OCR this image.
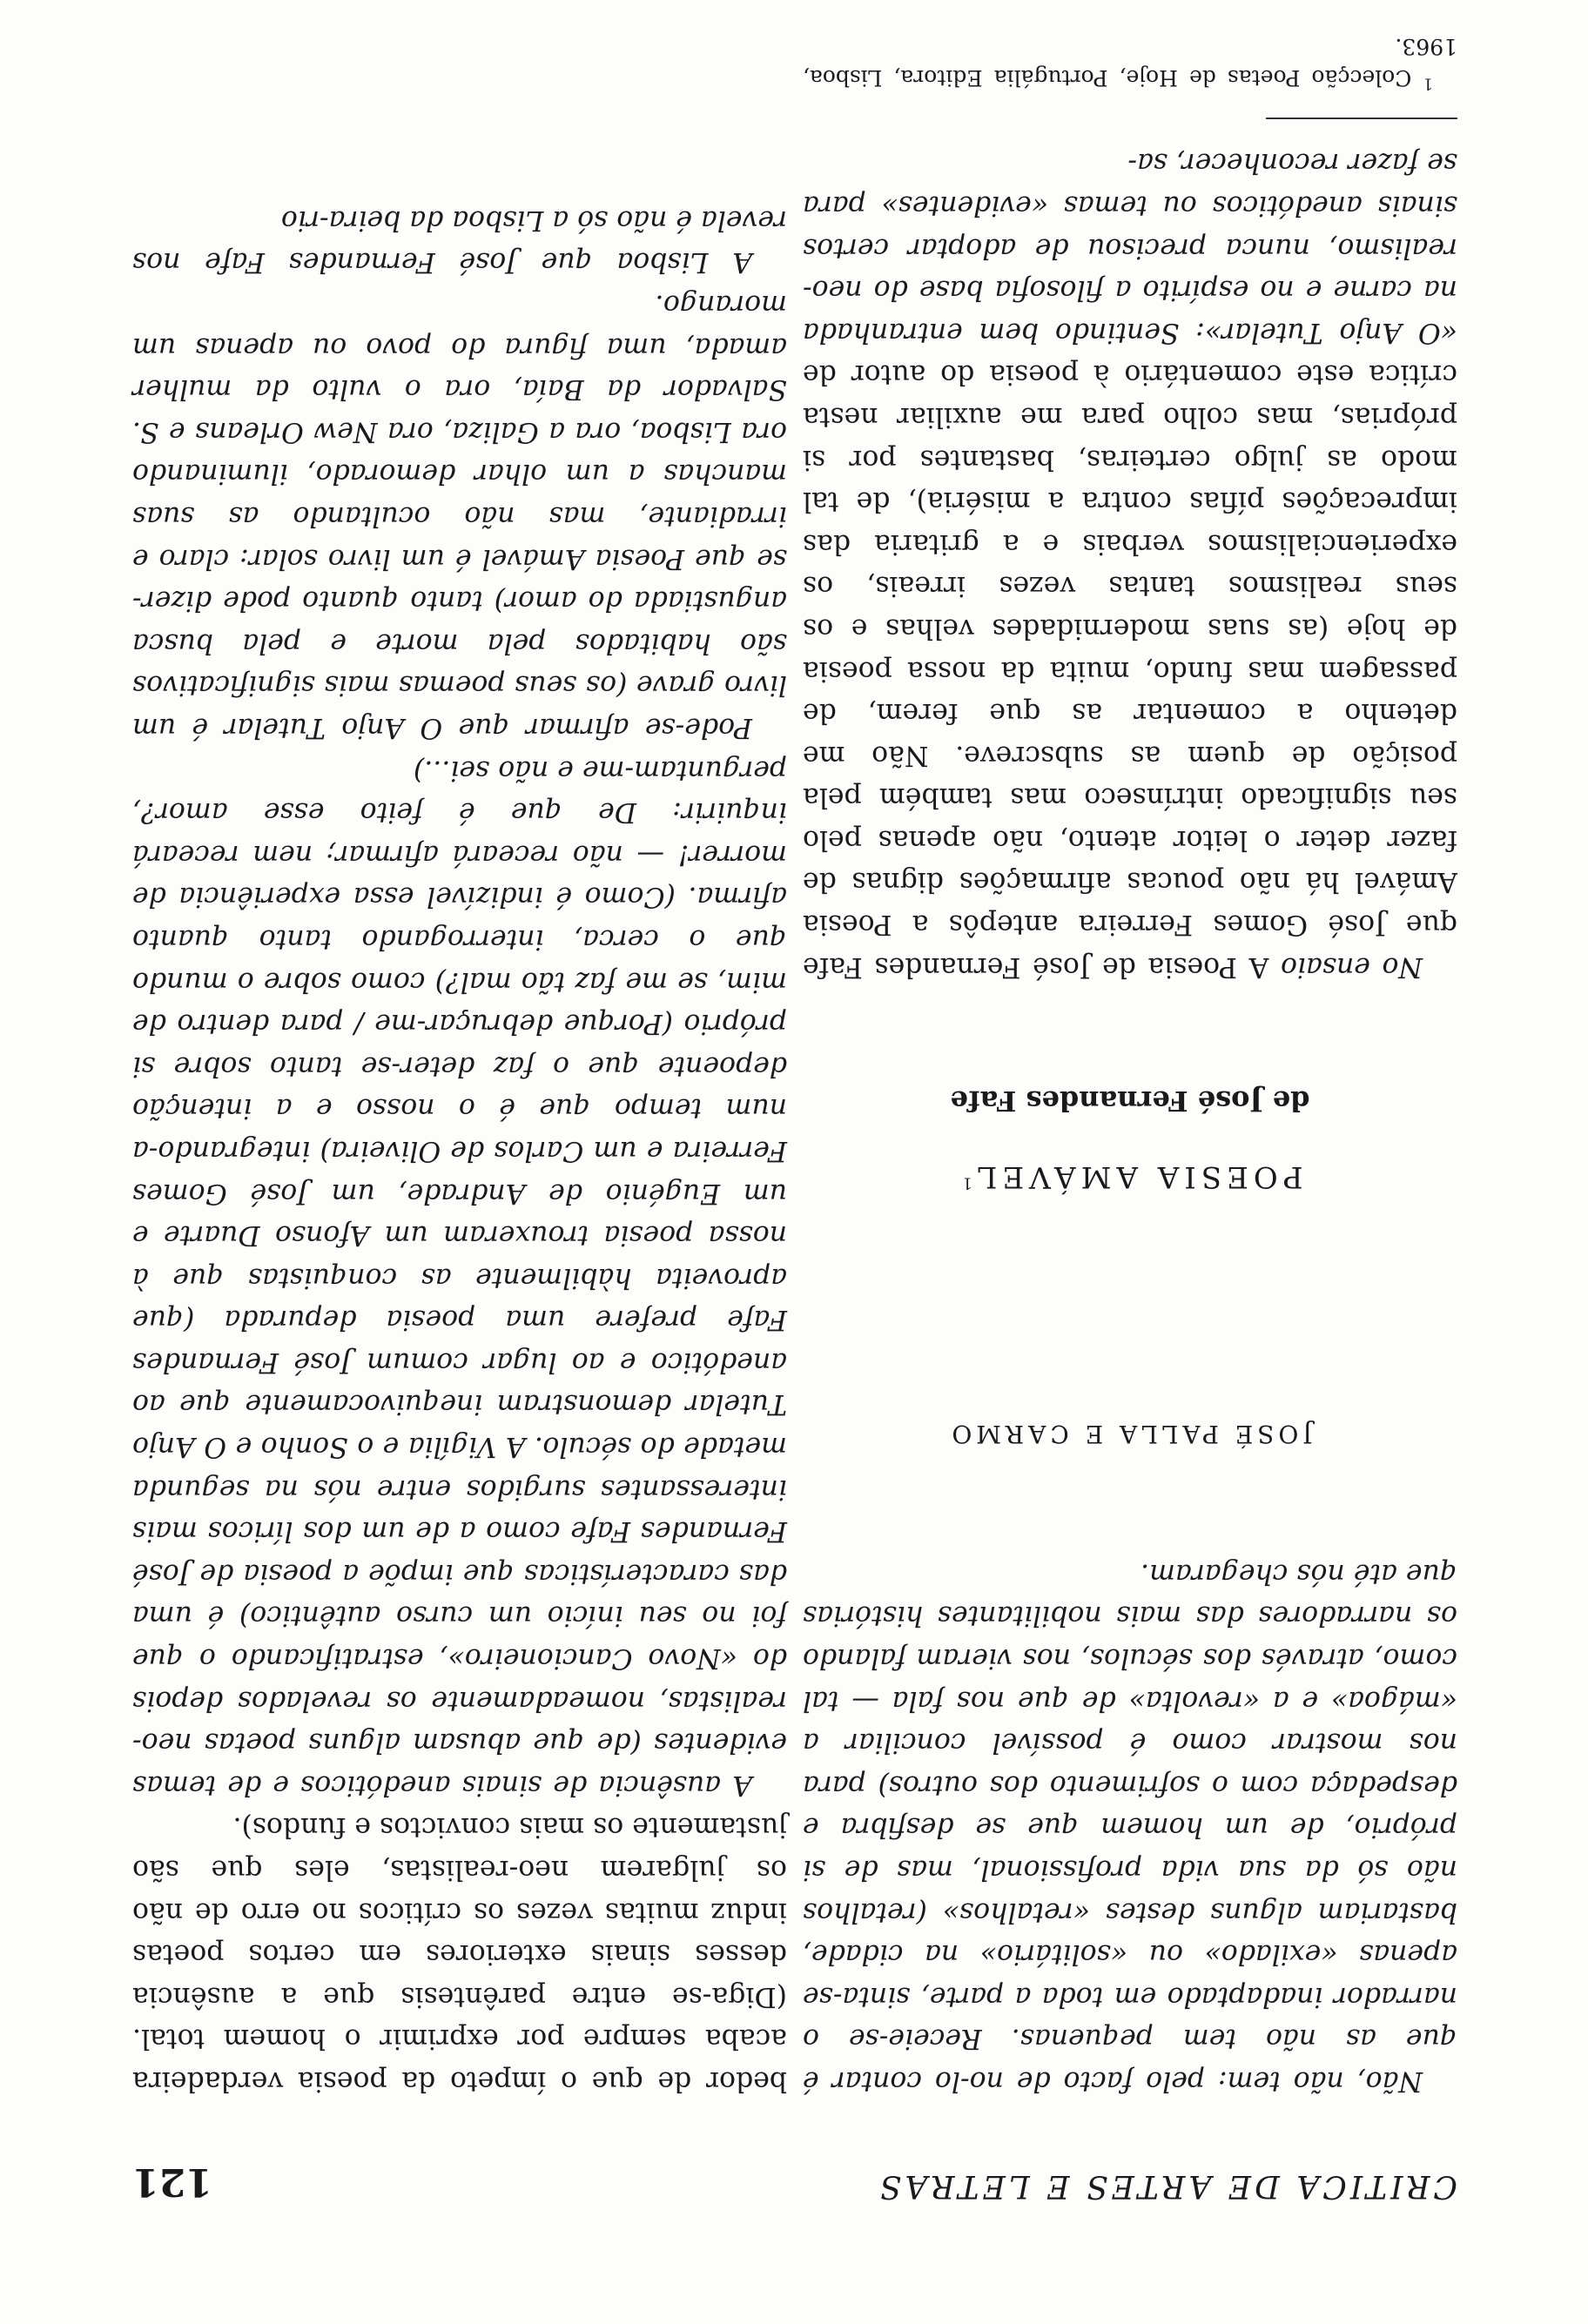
CRITICA DE ARTES E LETRAS
121

Não, não tem: pelo facto de no-lo contar é que as não tem pequenas. Receie-se o narrador inadaptado em toda a parte, sinta-se apenas «exilado» ou «solitário» na cidade, bastariam alguns destes «retalhos» (retalhos não só da sua vida profissional, mas de si próprio, de um homem que se desfibra e despedaça com o sofrimento dos outros) para nos mostrar como é possível conciliar a «mágoa» e a «revolta» de que nos fala — tal como, através dos séculos, nos vieram falando os narradores das mais nobilitantes histórias que até nós chegaram.

JOSÉ PALLA E CARMO

POESIA AMÁVEL$^1$

de José Fernandes Fafe

No ensaio A Poesia de José Fernandes Fafe que José Gomes Ferreira antepôs a Poesia Amável há não poucas afirmações dignas de fazer deter o leitor atento, não apenas pelo seu significado intrínseco mas também pela posição de quem as subscreve. Não me detenho a comentar as que ferem, de passagem mas fundo, muita da nossa poesia de hoje (as suas modernidades velhas e os seus realismos tantas vezes irreais, os experiencialismos verbais e a gritaria das imprecações pífias contra a miséria), de tal modo as julgo certeiras, bastantes por si próprias, mas colho para me auxiliar nesta crítica este comentário à poesia do autor de «O Anjo Tutelar»: Sentindo bem entranhada na carne e no espírito a filosofia base do neo-realismo, nunca precisou de adoptar certos sinais anedóticos ou temas «evidentes» para se fazer reconhecer, sa-

$^1$ Colecção Poetas de Hoje, Portugália Editora, Lisboa, 1963.

bedor de que o ímpeto da poesia verdadeira acaba sempre por exprimir o homem total. (Diga-se entre parêntesis que a ausência desses sinais exteriores em certos poetas induz muitas vezes os críticos no erro de não os julgarem neo-realistas, eles que são justamente os mais convictos e fundos).

A ausência de sinais anedóticos e de temas evidentes (de que abusam alguns poetas neo-realistas, nomeadamente os revelados depois do «Novo Cancioneiro», estratificando o que foi no seu início um curso autêntico) é uma das características que impõe a poesia de José Fernandes Fafe como a de um dos líricos mais interessantes surgidos entre nós na segunda metade do século. A Vigília e o Sonho e O Anjo Tutelar demonstram inequivocamente que ao anedótico e ao lugar comum José Fernandes Fafe prefere uma poesia depurada (que aproveita hàbilmente as conquistas que à nossa poesia trouxeram um Afonso Duarte e um Eugénio de Andrade, um José Gomes Ferreira e um Carlos de Oliveira) integrando-a num tempo que é o nosso e a intenção depoente que o faz deter-se tanto sobre si próprio (Porque debruçar-me / para dentro de mim, se me faz tão mal?) como sobre o mundo que o cerca, interrogando tanto quanto afirma. (Como é indizível essa experiência de morrer! — não receará afirmar; nem receará inquirir: De que é feito esse amor?, perguntam-me e não sei...)

Pode-se afirmar que O Anjo Tutelar é um livro grave (os seus poemas mais significativos são habitados pela morte e pela busca angustiada do amor) tanto quanto pode dizer-se que Poesia Amável é um livro solar: claro e irradiante, mas não ocultando as suas manchas a um olhar demorado, iluminando ora Lisboa, ora a Galiza, ora New Orleans e S. Salvador da Baía, ora o vulto da mulher amada, uma figura do povo ou apenas um morango.

A Lisboa que José Fernandes Fafe nos revela é não só a Lisboa da beira-rio
